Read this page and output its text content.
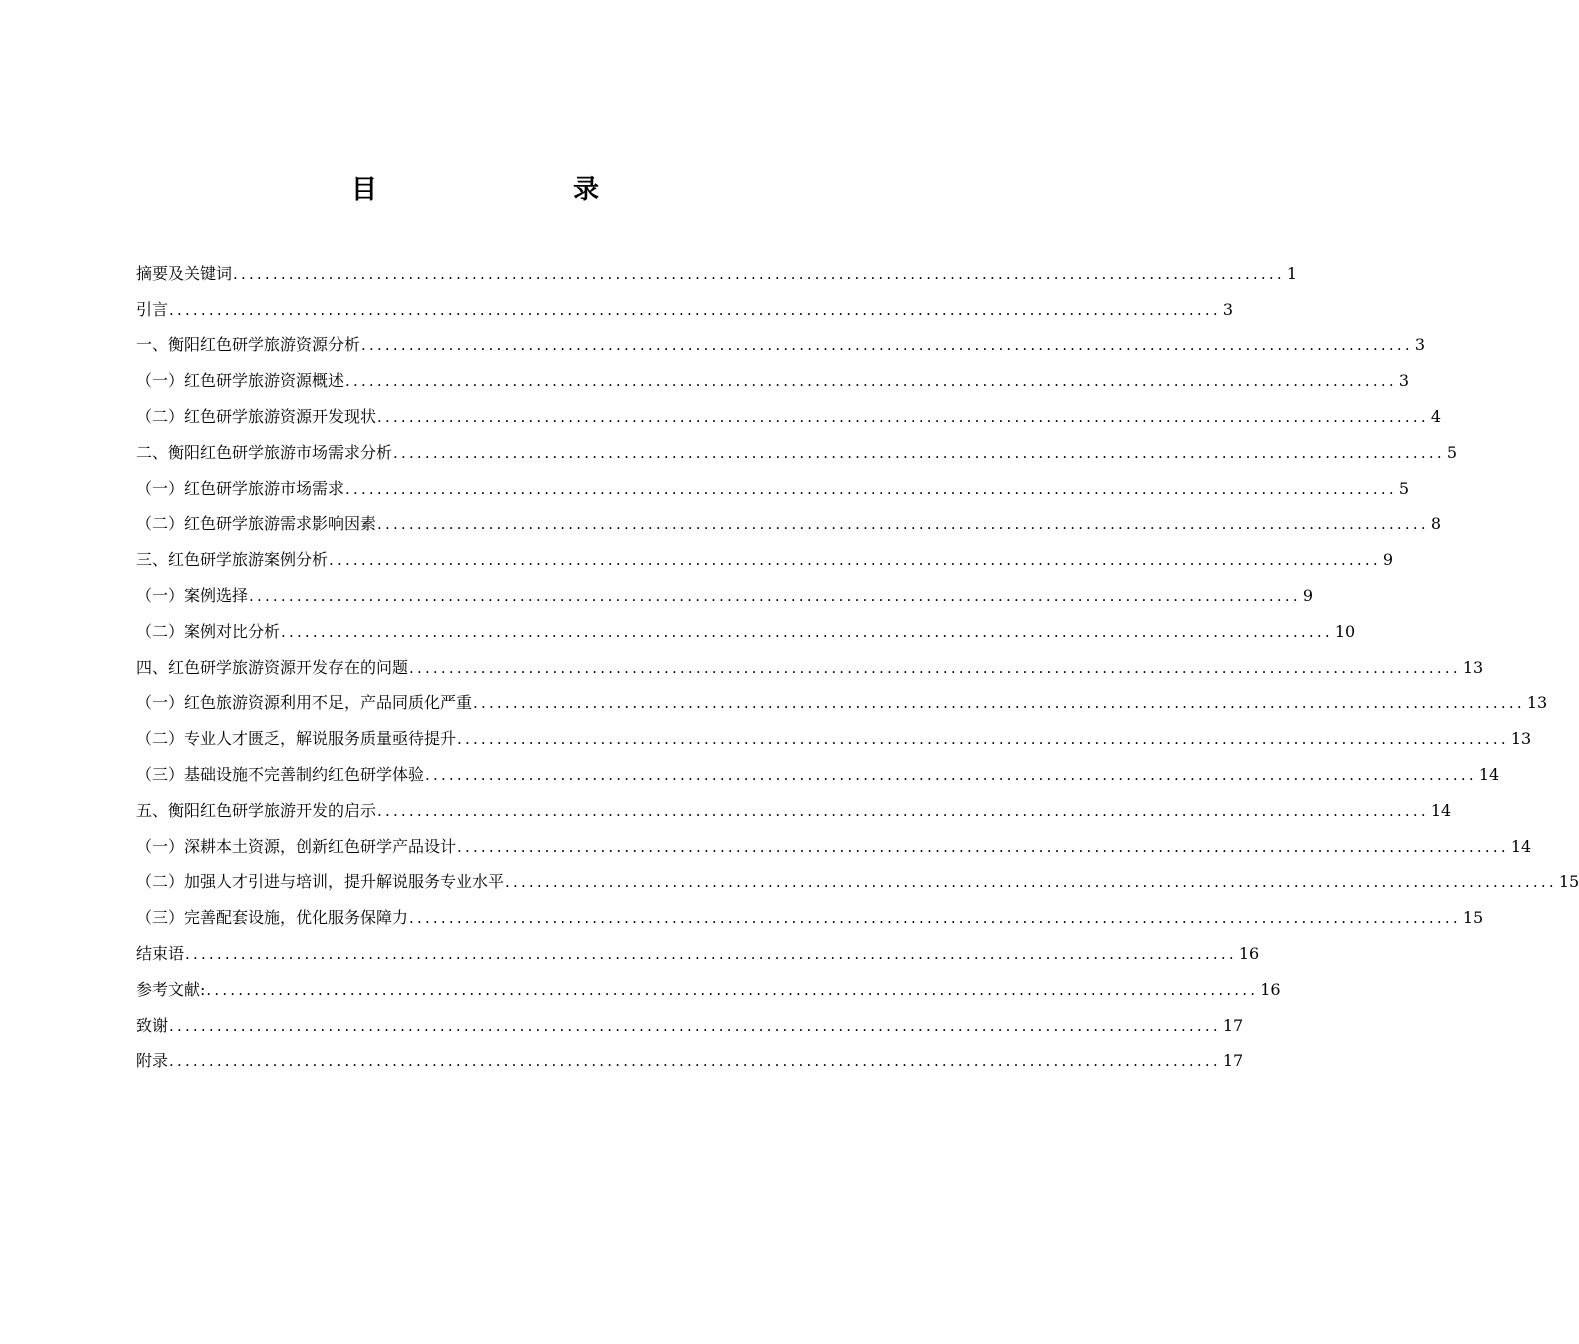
目　　录
摘要及关键词 .................................................................................................................................... 1
引言 .................................................................................................................................... 3
一、衡阳红色研学旅游资源分析 .................................................................................................................................... 3
（一）红色研学旅游资源概述 .................................................................................................................................... 3
（二）红色研学旅游资源开发现状 .................................................................................................................................... 4
二、衡阳红色研学旅游市场需求分析 .................................................................................................................................... 5
（一）红色研学旅游市场需求 .................................................................................................................................... 5
（二）红色研学旅游需求影响因素 .................................................................................................................................... 8
三、红色研学旅游案例分析 .................................................................................................................................... 9
（一）案例选择 .................................................................................................................................... 9
（二）案例对比分析 .................................................................................................................................... 10
四、红色研学旅游资源开发存在的问题 .................................................................................................................................... 13
（一）红色旅游资源利用不足，产品同质化严重 .................................................................................................................................... 13
（二）专业人才匮乏，解说服务质量亟待提升 .................................................................................................................................... 13
（三）基础设施不完善制约红色研学体验 .................................................................................................................................... 14
五、衡阳红色研学旅游开发的启示 .................................................................................................................................... 14
（一）深耕本土资源，创新红色研学产品设计 .................................................................................................................................... 14
（二）加强人才引进与培训，提升解说服务专业水平 .................................................................................................................................... 15
（三）完善配套设施，优化服务保障力 .................................................................................................................................... 15
结束语 .................................................................................................................................... 16
参考文献: .................................................................................................................................... 16
致谢 .................................................................................................................................... 17
附录 .................................................................................................................................... 17
